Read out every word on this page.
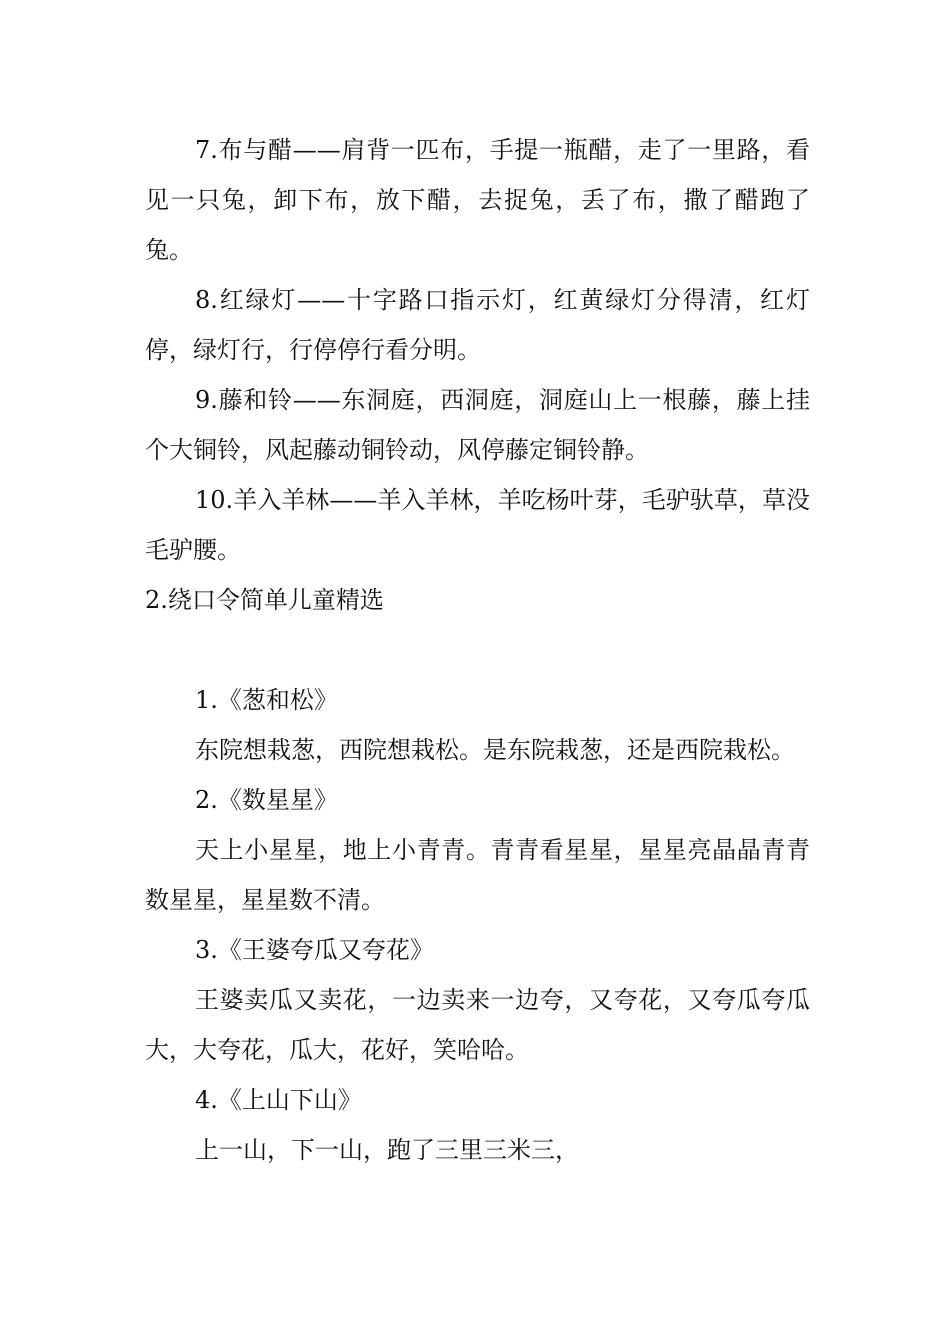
7.布与醋——肩背一匹布，手提一瓶醋，走了一里路，看见一只兔，卸下布，放下醋，去捉兔，丢了布，撒了醋跑了兔。

8.红绿灯——十字路口指示灯，红黄绿灯分得清，红灯停，绿灯行，行停停行看分明。

9.藤和铃——东洞庭，西洞庭，洞庭山上一根藤，藤上挂个大铜铃，风起藤动铜铃动，风停藤定铜铃静。

10.羊入羊林——羊入羊林，羊吃杨叶芽，毛驴驮草，草没毛驴腰。

2.绕口令简单儿童精选

1.《葱和松》

东院想栽葱，西院想栽松。是东院栽葱，还是西院栽松。

2.《数星星》

天上小星星，地上小青青。青青看星星，星星亮晶晶青青数星星，星星数不清。

3.《王婆夸瓜又夸花》

王婆卖瓜又卖花，一边卖来一边夸，又夸花，又夸瓜夸瓜大，大夸花，瓜大，花好，笑哈哈。

4.《上山下山》

上一山，下一山，跑了三里三米三，
